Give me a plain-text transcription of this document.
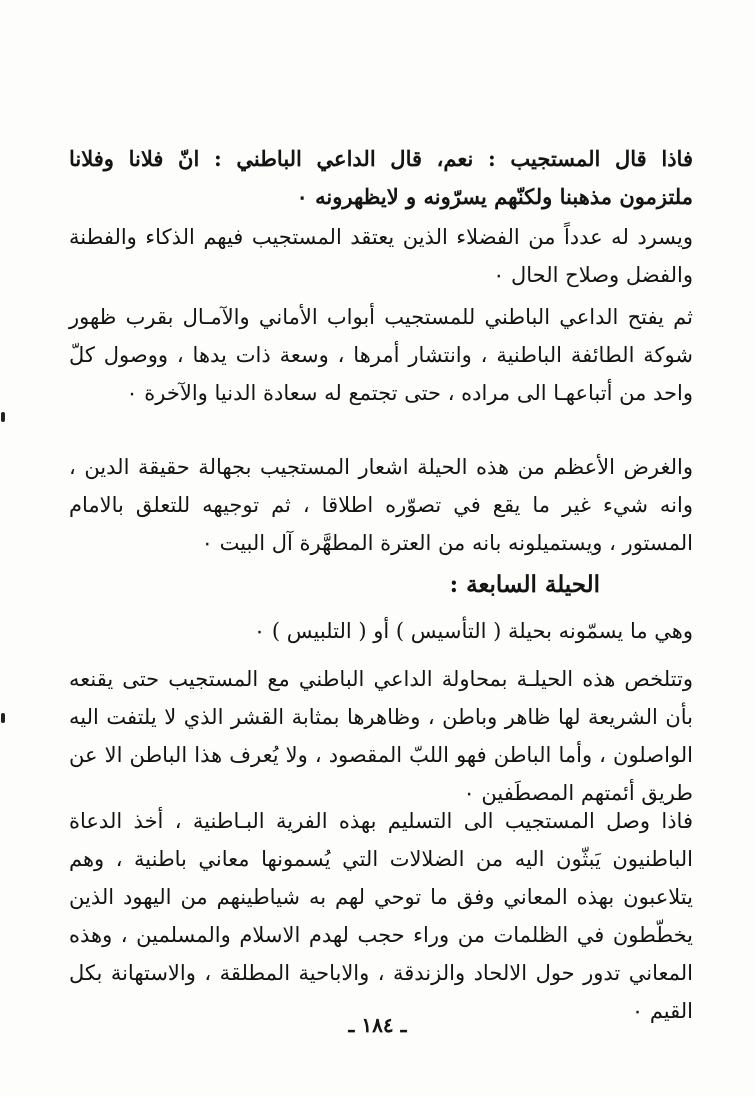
فاذا قال المستجيب : نعم، قال الداعي الباطني : انّ فلانا وفلانا ملتزمون مذهبنا ولكنّهم يسرّونه و لايظهرونه ٠

ويسرد له عدداً من الفضلاء الذين يعتقد المستجيب فيهم الذكاء والفطنة والفضل وصلاح الحال ٠

ثم يفتح الداعي الباطني للمستجيب أبواب الأماني والآمـال بقرب ظهور شوكة الطائفة الباطنية ، وانتشار أمرها ، وسعة ذات يدها ، ووصول كلّ واحد من أتباعهـا الى مراده ، حتى تجتمع له سعادة الدنيا والآخرة ٠

والغرض الأعظم من هذه الحيلة اشعار المستجيب بجهالة حقيقة الدين ، وانه شيء غير ما يقع في تصوّره اطلاقا ، ثم توجيهه للتعلق بالامام المستور ، ويستميلونه بانه من العترة المطهَّرة آل البيت ٠

الحيلة السابعة :

وهي ما يسمّونه بحيلة ( التأسيس ) أو ( التلبيس ) ٠

وتتلخص هذه الحيلـة بمحاولة الداعي الباطني مع المستجيب حتى يقنعه بأن الشريعة لها ظاهر وباطن ، وظاهرها بمثابة القشر الذي لا يلتفت اليه الواصلون ، وأما الباطن فهو اللبّ المقصود ، ولا يُعرف هذا الباطن الا عن طريق أئمتهم المصطَفين ٠

فاذا وصل المستجيب الى التسليم بهذه الفرية البـاطنية ، أخذ الدعاة الباطنيون يَبثّون اليه من الضلالات التي يُسمونها معاني باطنية ، وهم يتلاعبون بهذه المعاني وفق ما توحي لهم به شياطينهم من اليهود الذين يخطّطون في الظلمات من وراء حجب لهدم الاسلام والمسلمين ، وهذه المعاني تدور حول الالحاد والزندقة ، والاباحية المطلقة ، والاستهانة بكل القيم ٠

ـ ١٨٤ ـ
